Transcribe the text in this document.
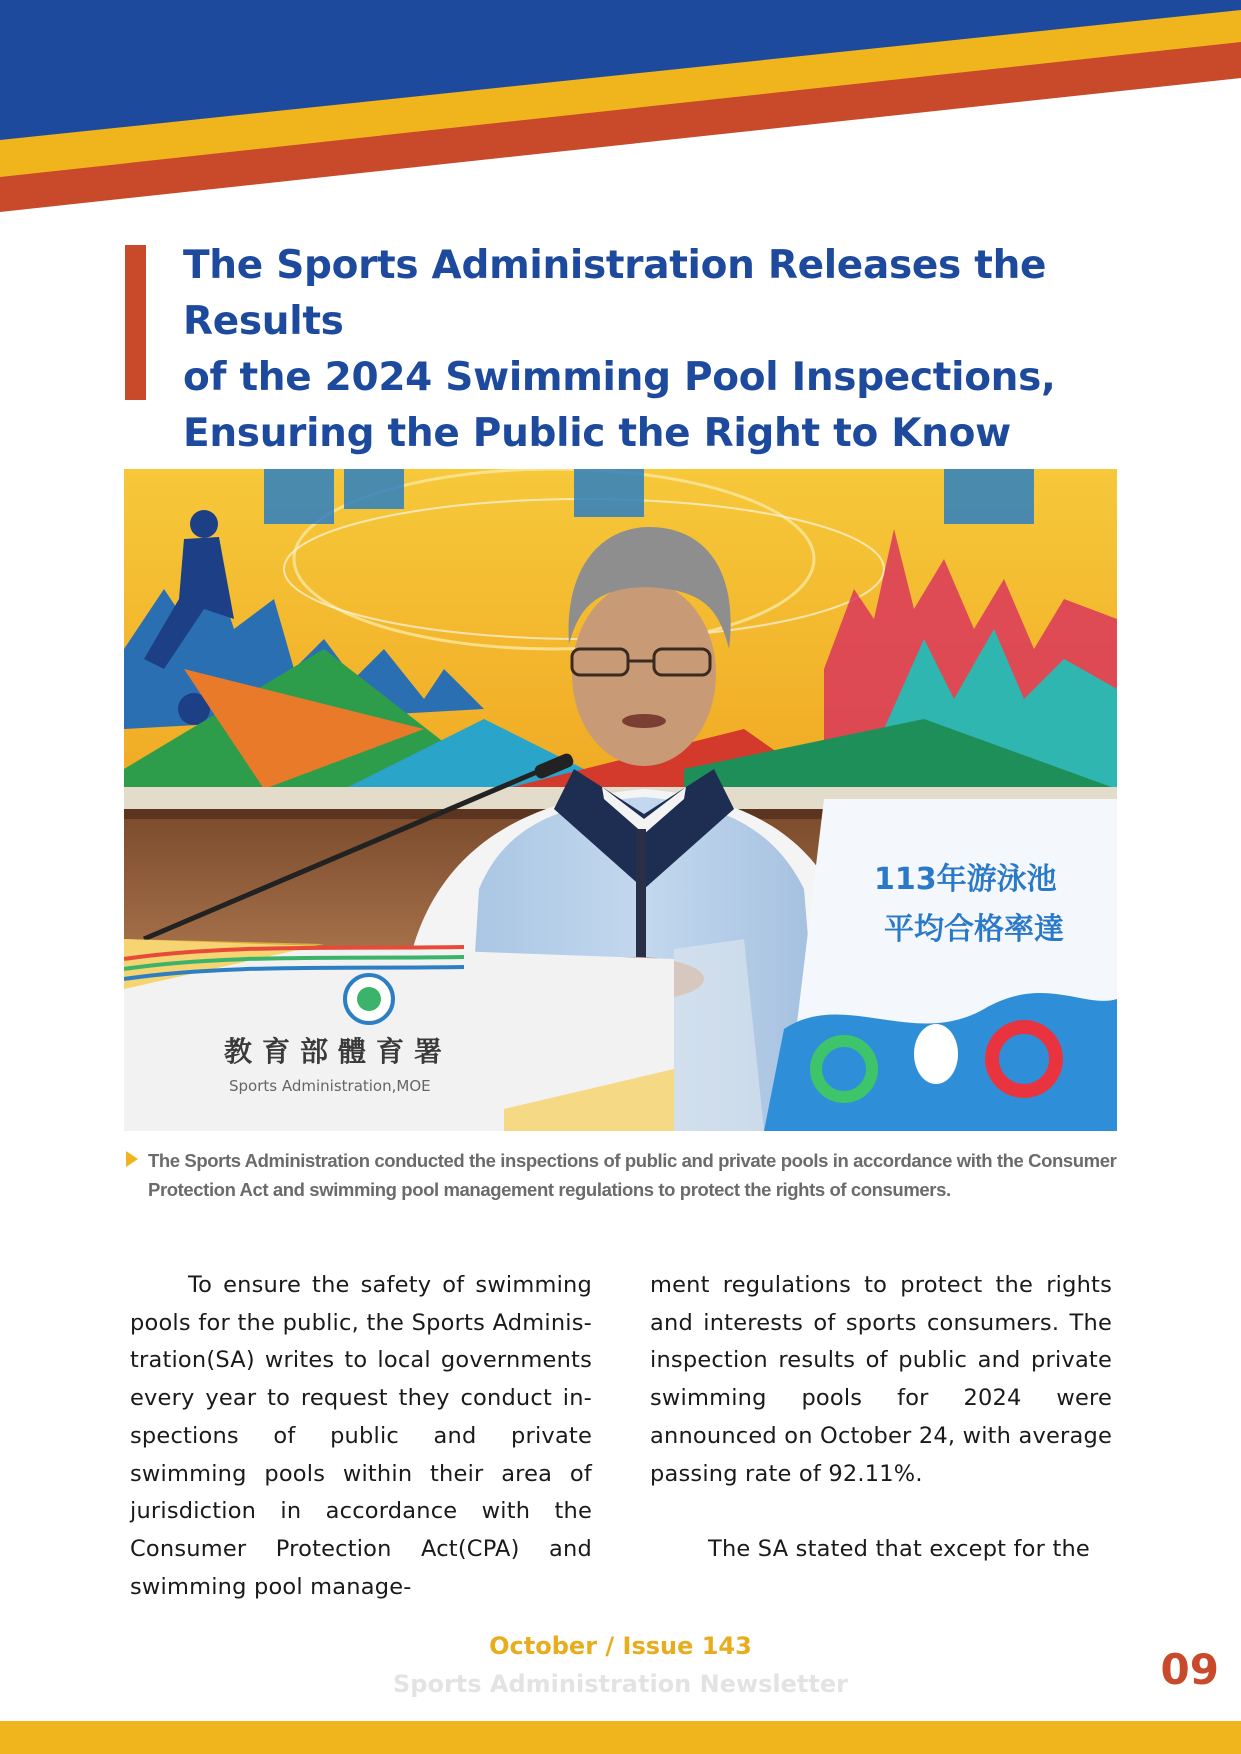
The Sports Administration Releases the Results
of the 2024 Swimming Pool Inspections,
Ensuring the Public the Right to Know
教育部體育署
Sports Administration,MOE
113年游泳池
平均合格率達

The Sports Administration conducted the inspections of public and private pools in accordance with the Consumer Protection Act and swimming pool management regulations to protect the rights of consumers.

To ensure the safety of swimming pools for the public, the Sports Adminis-tration(SA) writes to local governments every year to request they conduct in-spections of public and private swimming pools within their area of jurisdiction in accordance with the Consumer Protection Act(CPA) and swimming pool manage-

ment regulations to protect the rights and interests of sports consumers. The inspection results of public and private swimming pools for 2024 were announced on October 24, with average passing rate of 92.11%.

The SA stated that except for the

October / Issue 143

Sports Administration Newsletter	09
